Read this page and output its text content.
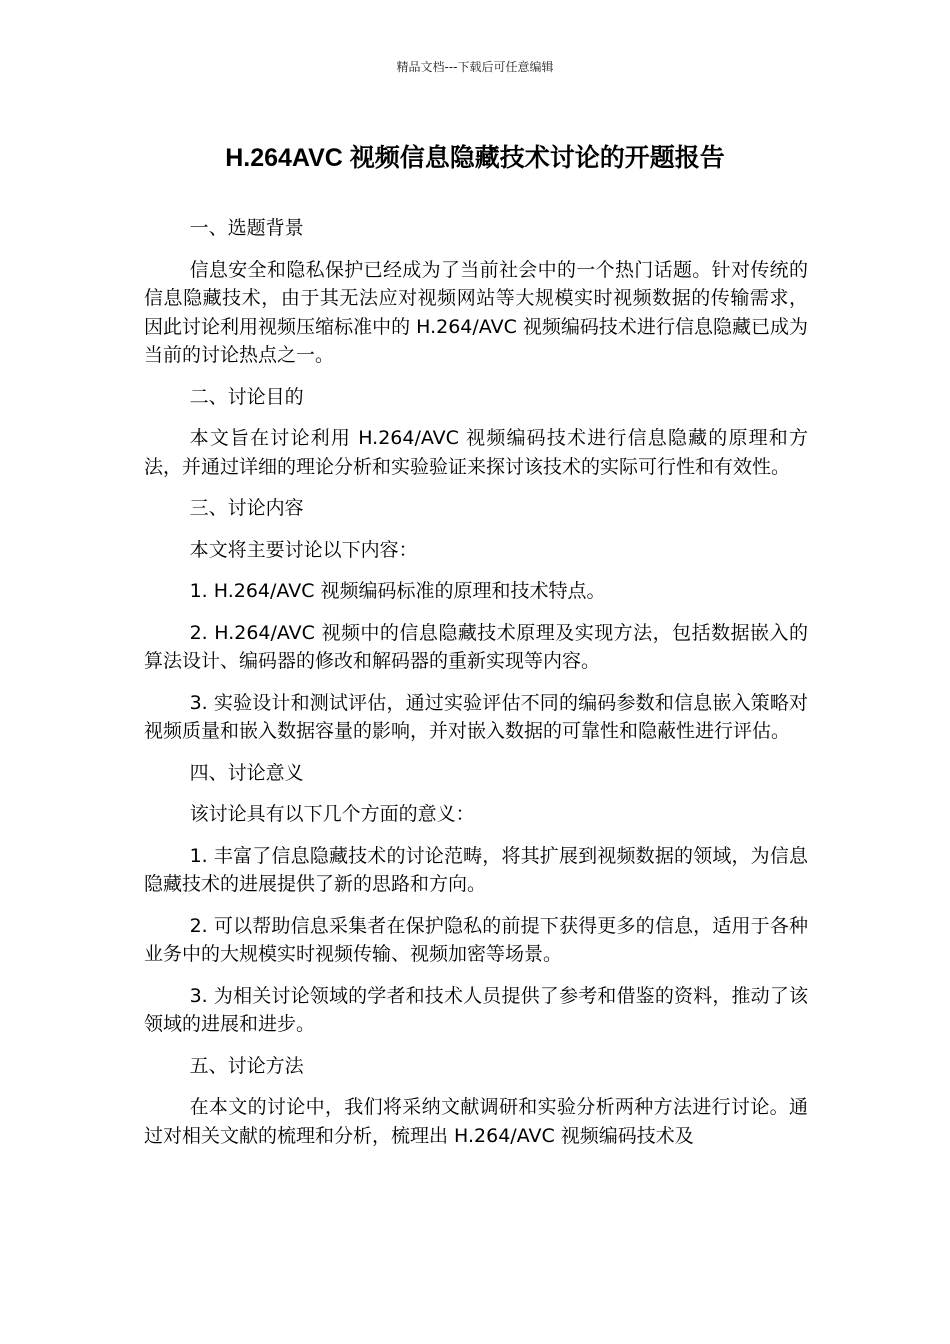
精品文档---下载后可任意编辑
H.264AVC 视频信息隐藏技术讨论的开题报告

一、选题背景

信息安全和隐私保护已经成为了当前社会中的一个热门话题。针对传统的信息隐藏技术，由于其无法应对视频网站等大规模实时视频数据的传输需求，因此讨论利用视频压缩标准中的 H.264/AVC 视频编码技术进行信息隐藏已成为当前的讨论热点之一。

二、讨论目的

本文旨在讨论利用 H.264/AVC 视频编码技术进行信息隐藏的原理和方法，并通过详细的理论分析和实验验证来探讨该技术的实际可行性和有效性。

三、讨论内容

本文将主要讨论以下内容：

1. H.264/AVC 视频编码标准的原理和技术特点。

2. H.264/AVC 视频中的信息隐藏技术原理及实现方法，包括数据嵌入的算法设计、编码器的修改和解码器的重新实现等内容。

3. 实验设计和测试评估，通过实验评估不同的编码参数和信息嵌入策略对视频质量和嵌入数据容量的影响，并对嵌入数据的可靠性和隐蔽性进行评估。

四、讨论意义

该讨论具有以下几个方面的意义：

1. 丰富了信息隐藏技术的讨论范畴，将其扩展到视频数据的领域，为信息隐藏技术的进展提供了新的思路和方向。

2. 可以帮助信息采集者在保护隐私的前提下获得更多的信息，适用于各种业务中的大规模实时视频传输、视频加密等场景。

3. 为相关讨论领域的学者和技术人员提供了参考和借鉴的资料，推动了该领域的进展和进步。

五、讨论方法

在本文的讨论中，我们将采纳文献调研和实验分析两种方法进行讨论。通过对相关文献的梳理和分析，梳理出 H.264/AVC 视频编码技术及
